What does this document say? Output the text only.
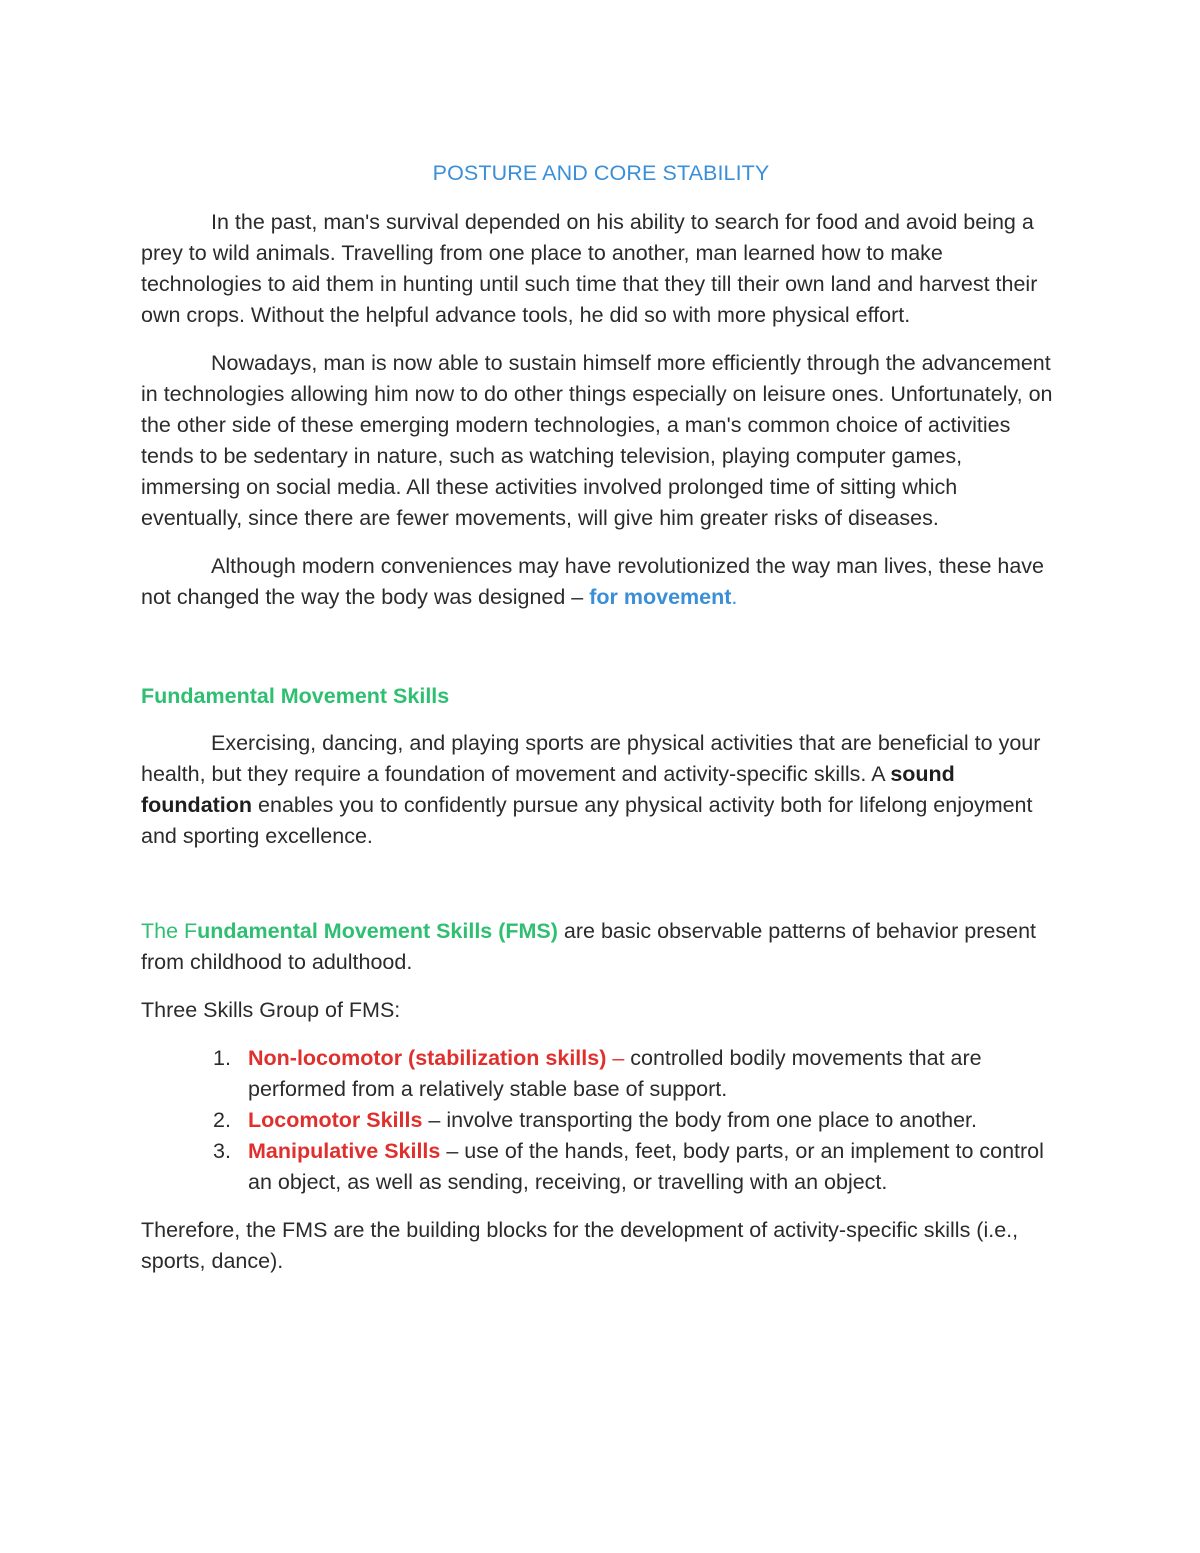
POSTURE AND CORE STABILITY

In the past, man's survival depended on his ability to search for food and avoid being a prey to wild animals. Travelling from one place to another, man learned how to make technologies to aid them in hunting until such time that they till their own land and harvest their own crops. Without the helpful advance tools, he did so with more physical effort.

Nowadays, man is now able to sustain himself more efficiently through the advancement in technologies allowing him now to do other things especially on leisure ones. Unfortunately, on the other side of these emerging modern technologies, a man's common choice of activities tends to be sedentary in nature, such as watching television, playing computer games, immersing on social media. All these activities involved prolonged time of sitting which eventually, since there are fewer movements, will give him greater risks of diseases.

Although modern conveniences may have revolutionized the way man lives, these have not changed the way the body was designed – for movement.

Fundamental Movement Skills

Exercising, dancing, and playing sports are physical activities that are beneficial to your health, but they require a foundation of movement and activity-specific skills. A sound foundation enables you to confidently pursue any physical activity both for lifelong enjoyment and sporting excellence.

The Fundamental Movement Skills (FMS) are basic observable patterns of behavior present from childhood to adulthood.

Three Skills Group of FMS:

1. Non-locomotor (stabilization skills) – controlled bodily movements that are performed from a relatively stable base of support.
2. Locomotor Skills – involve transporting the body from one place to another.
3. Manipulative Skills – use of the hands, feet, body parts, or an implement to control an object, as well as sending, receiving, or travelling with an object.

Therefore, the FMS are the building blocks for the development of activity-specific skills (i.e., sports, dance).
